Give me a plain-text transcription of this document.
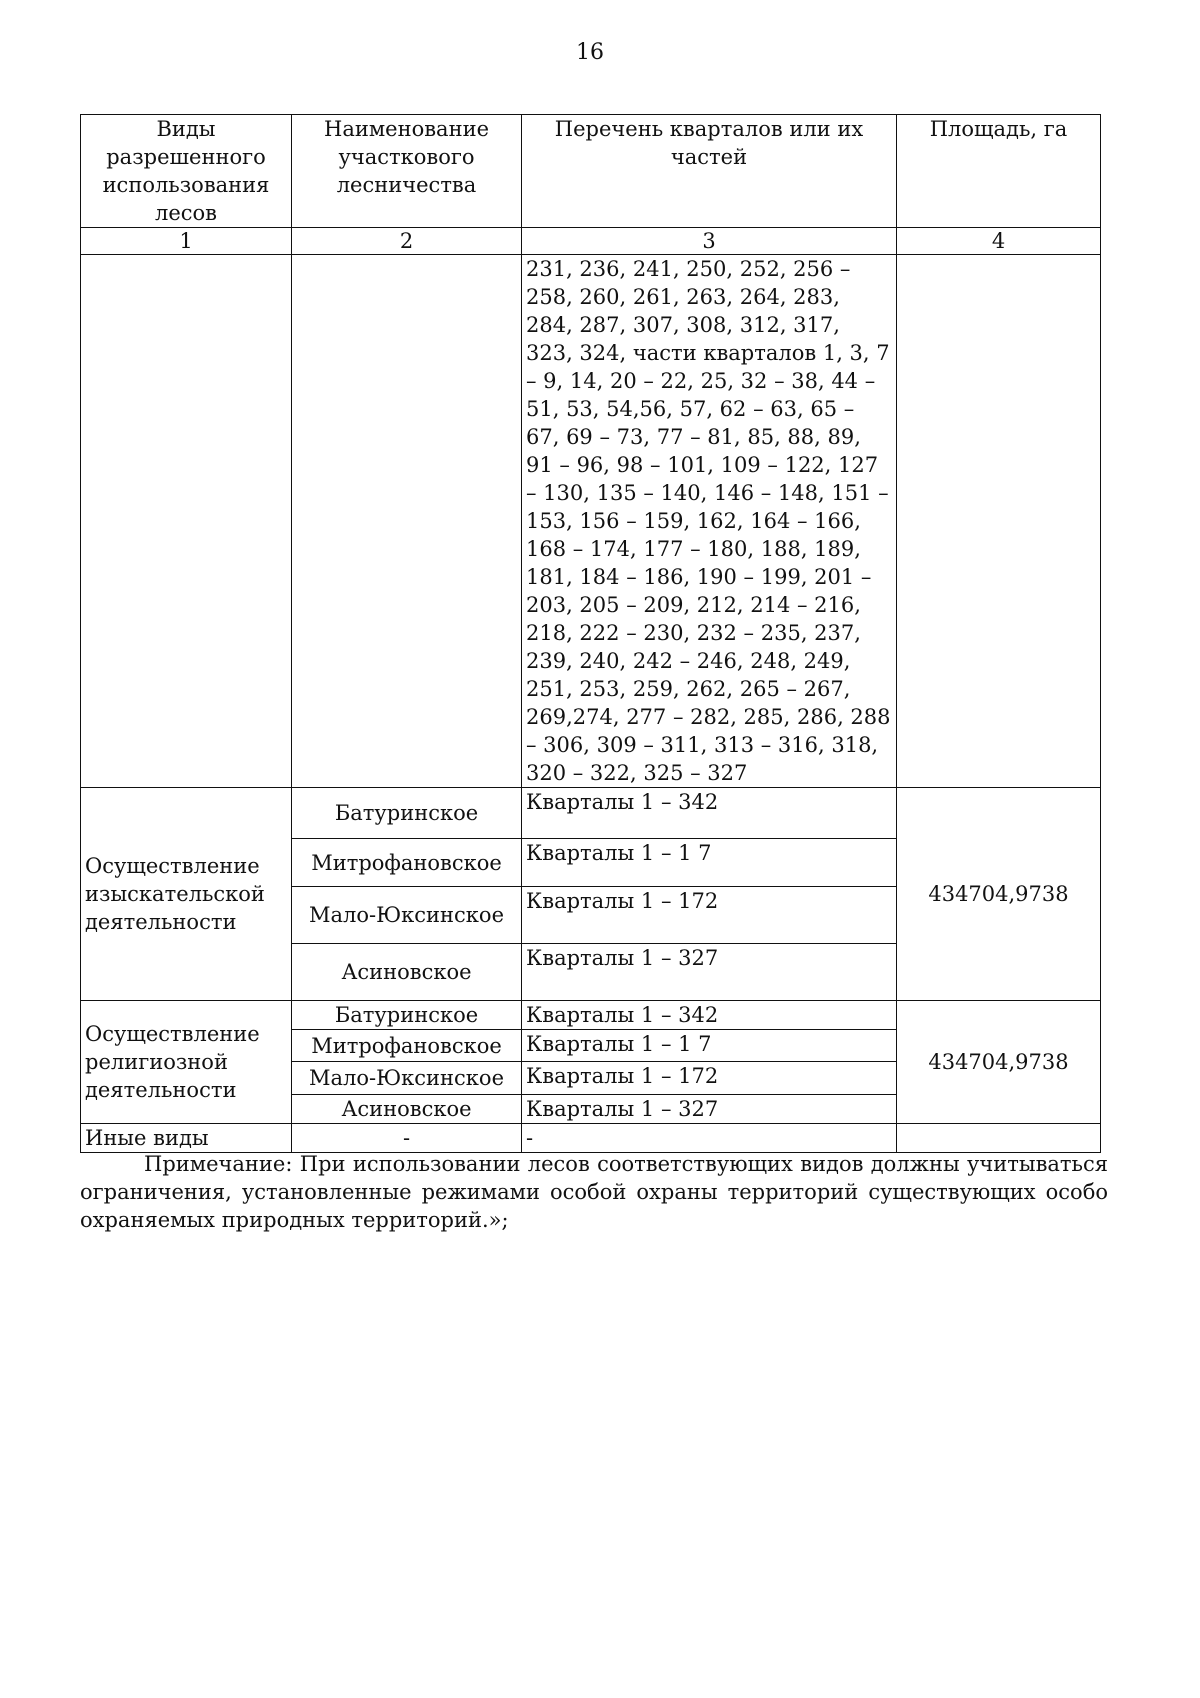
16
Виды разрешенного использования лесов	Наименование участкового лесничества	Перечень кварталов или их частей	Площадь, га
1	2	3	4

		231, 236, 241, 250, 252, 256 – 258, 260, 261, 263, 264, 283, 284, 287, 307, 308, 312, 317, 323, 324, части кварталов 1, 3, 7 – 9, 14, 20 – 22, 25, 32 – 38, 44 – 51, 53, 54,56, 57, 62 – 63, 65 – 67, 69 – 73, 77 – 81, 85, 88, 89, 91 – 96, 98 – 101, 109 – 122, 127 – 130, 135 – 140, 146 – 148, 151 – 153, 156 – 159, 162, 164 – 166, 168 – 174, 177 – 180, 188, 189, 181, 184 – 186, 190 – 199, 201 – 203, 205 – 209, 212, 214 – 216, 218, 222 – 230, 232 – 235, 237, 239, 240, 242 – 246, 248, 249, 251, 253, 259, 262, 265 – 267, 269,274, 277 – 282, 285, 286, 288 – 306, 309 – 311, 313 – 316, 318, 320 – 322, 325 – 327	

Осуществление изыскательской деятельности	Батуринское	Кварталы 1 – 342	434704,9738
	Митрофановское	Кварталы 1 – 1 7	
	Мало-Юксинское	Кварталы 1 – 172	
	Асиновское	Кварталы 1 – 327	
Осуществление религиозной деятельности	Батуринское	Кварталы 1 – 342	434704,9738
	Митрофановское	Кварталы 1 – 1 7	
	Мало-Юксинское	Кварталы 1 – 172	
	Асиновское	Кварталы 1 – 327	
Иные виды	-	-	

Примечание: При использовании лесов соответствующих видов должны учитываться ограничения, установленные режимами особой охраны территорий существующих особо охраняемых природных территорий.»;
